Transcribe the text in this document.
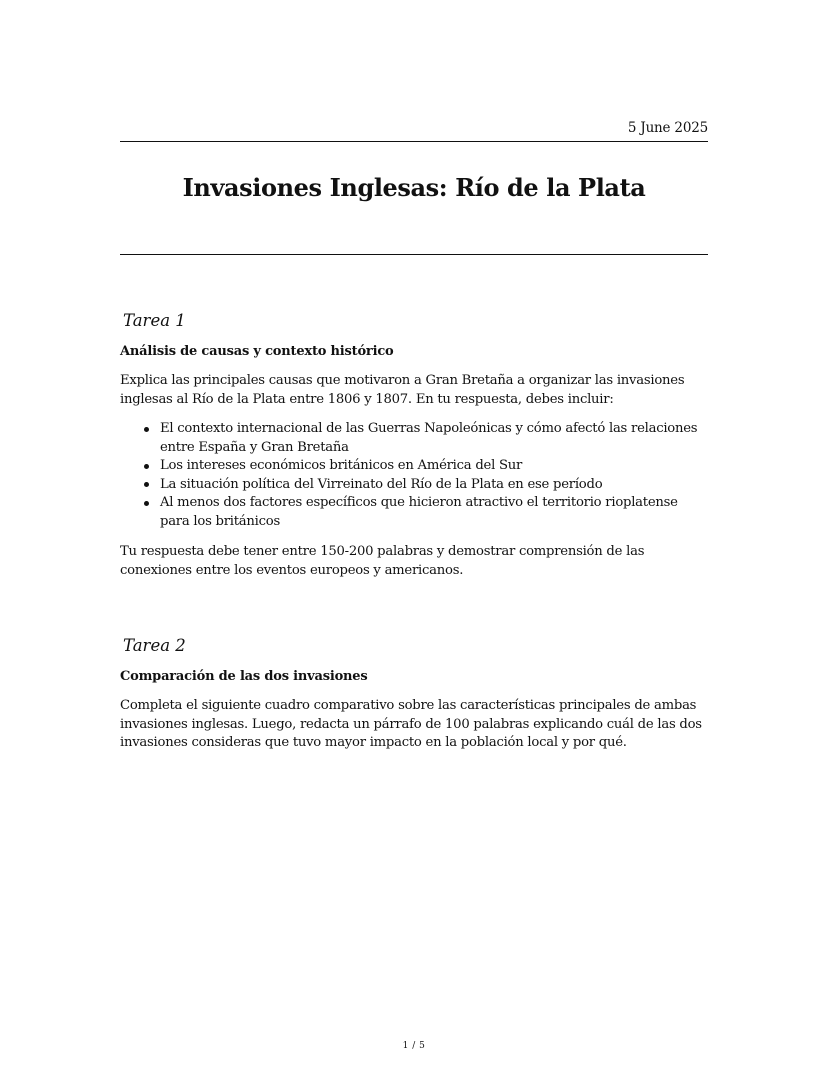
5 June 2025
Invasiones Inglesas: Río de la Plata
Tarea 1
Análisis de causas y contexto histórico

Explica las principales causas que motivaron a Gran Bretaña a organizar las invasiones inglesas al Río de la Plata entre 1806 y 1807. En tu respuesta, debes incluir:

El contexto internacional de las Guerras Napoleónicas y cómo afectó las relaciones entre España y Gran Bretaña
Los intereses económicos británicos en América del Sur
La situación política del Virreinato del Río de la Plata en ese período
Al menos dos factores específicos que hicieron atractivo el territorio rioplatense para los británicos

Tu respuesta debe tener entre 150-200 palabras y demostrar comprensión de las conexiones entre los eventos europeos y americanos.

Tarea 2
Comparación de las dos invasiones

Completa el siguiente cuadro comparativo sobre las características principales de ambas invasiones inglesas. Luego, redacta un párrafo de 100 palabras explicando cuál de las dos invasiones consideras que tuvo mayor impacto en la población local y por qué.

1 / 5
